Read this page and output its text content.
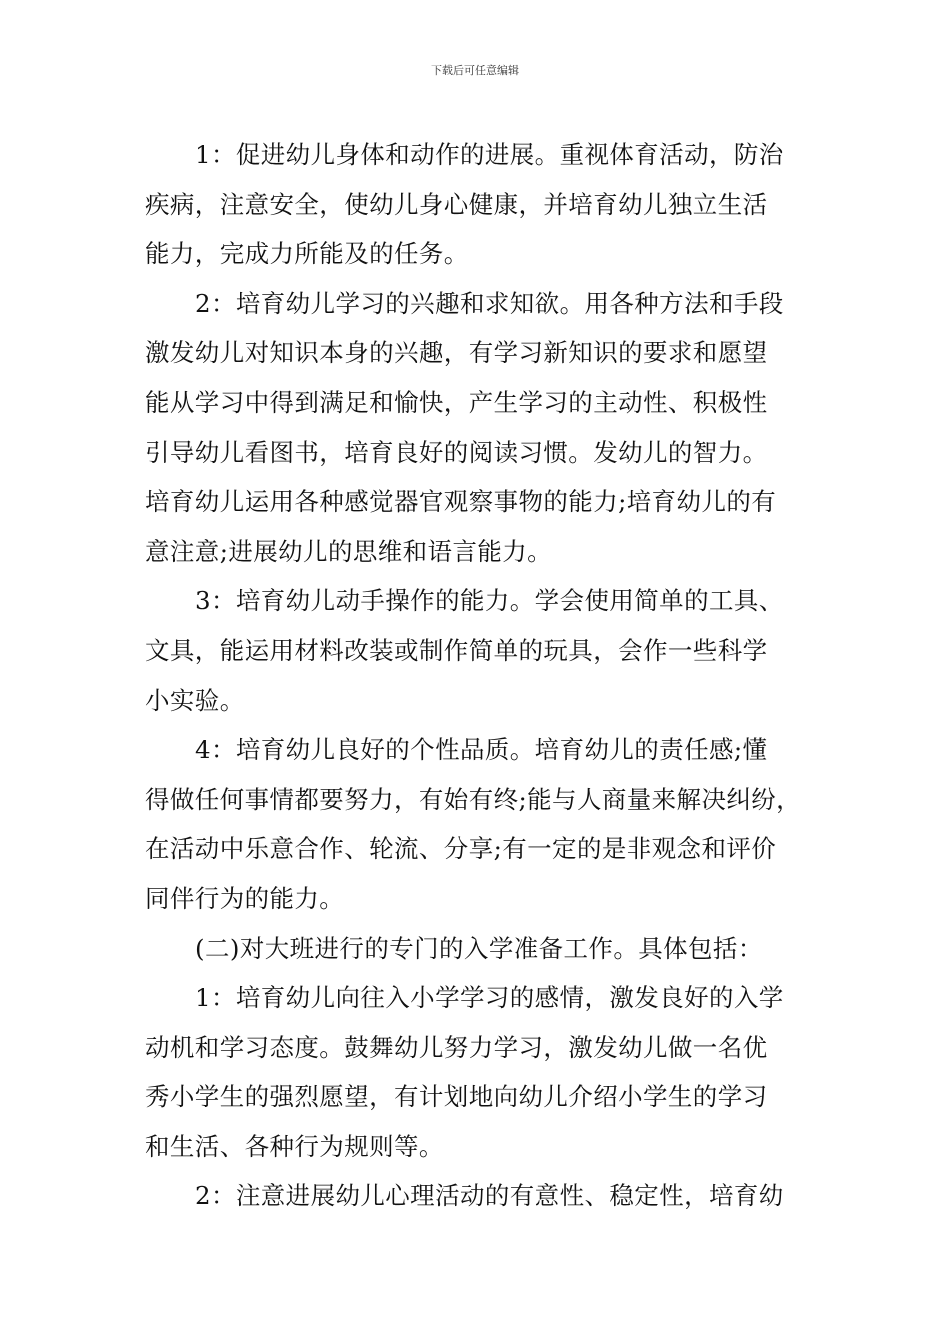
下载后可任意编辑

1：促进幼儿身体和动作的进展。重视体育活动，防治
疾病，注意安全，使幼儿身心健康，并培育幼儿独立生活
能力，完成力所能及的任务。

2：培育幼儿学习的兴趣和求知欲。用各种方法和手段
激发幼儿对知识本身的兴趣，有学习新知识的要求和愿望
能从学习中得到满足和愉快，产生学习的主动性、积极性
引导幼儿看图书，培育良好的阅读习惯。发幼儿的智力。
培育幼儿运用各种感觉器官观察事物的能力;培育幼儿的有
意注意;进展幼儿的思维和语言能力。

3：培育幼儿动手操作的能力。学会使用简单的工具、
文具，能运用材料改装或制作简单的玩具，会作一些科学
小实验。

4：培育幼儿良好的个性品质。培育幼儿的责任感;懂
得做任何事情都要努力，有始有终;能与人商量来解决纠纷，
在活动中乐意合作、轮流、分享;有一定的是非观念和评价
同伴行为的能力。

(二)对大班进行的专门的入学准备工作。具体包括：

1：培育幼儿向往入小学学习的感情，激发良好的入学
动机和学习态度。鼓舞幼儿努力学习，激发幼儿做一名优
秀小学生的强烈愿望，有计划地向幼儿介绍小学生的学习
和生活、各种行为规则等。

2：注意进展幼儿心理活动的有意性、稳定性，培育幼
